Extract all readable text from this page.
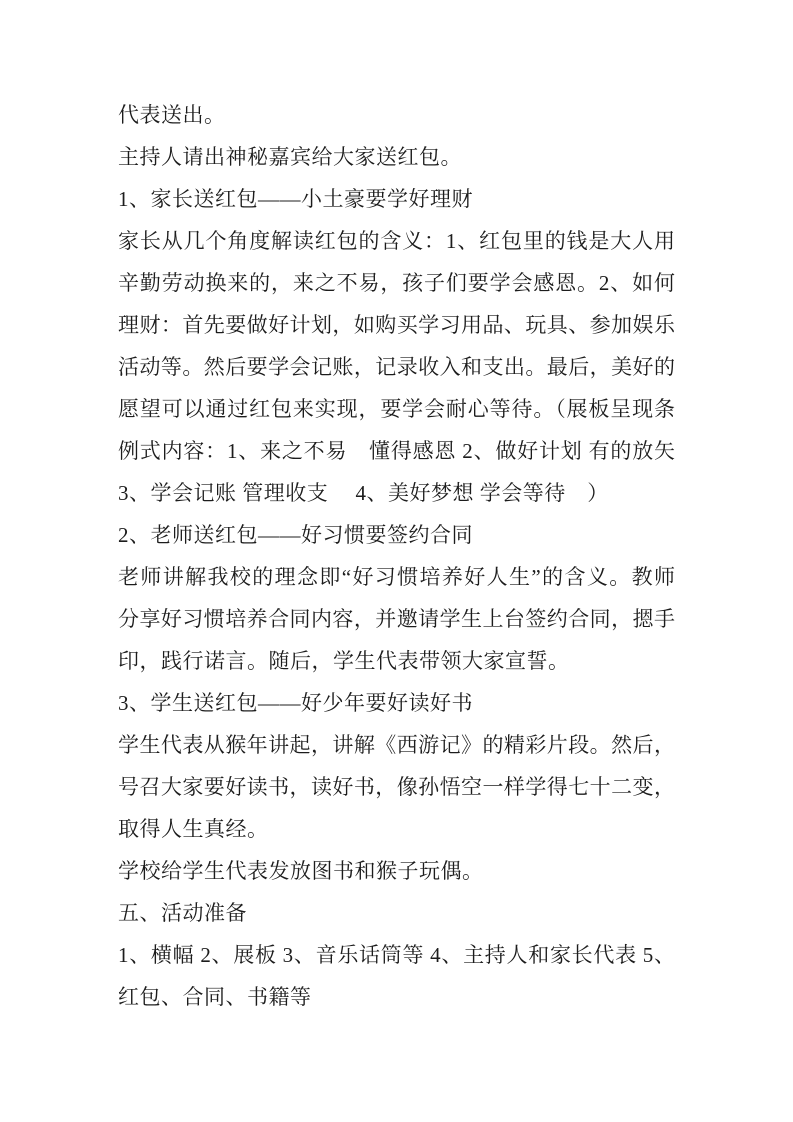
代表送出。
主持人请出神秘嘉宾给大家送红包。
1、家长送红包——小土豪要学好理财
家长从几个角度解读红包的含义：1、红包里的钱是大人用
辛勤劳动换来的，来之不易，孩子们要学会感恩。2、如何
理财：首先要做好计划，如购买学习用品、玩具、参加娱乐
活动等。然后要学会记账，记录收入和支出。最后，美好的
愿望可以通过红包来实现，要学会耐心等待。（展板呈现条
例式内容：1、来之不易　懂得感恩 2、做好计划 有的放矢
3、学会记账 管理收支　 4、美好梦想 学会等待　）
2、老师送红包——好习惯要签约合同
老师讲解我校的理念即“好习惯培养好人生”的含义。教师
分享好习惯培养合同内容，并邀请学生上台签约合同，摁手
印，践行诺言。随后，学生代表带领大家宣誓。
3、学生送红包——好少年要好读好书
学生代表从猴年讲起，讲解《西游记》的精彩片段。然后，
号召大家要好读书，读好书，像孙悟空一样学得七十二变，
取得人生真经。
学校给学生代表发放图书和猴子玩偶。
五、活动准备
1、横幅 2、展板 3、音乐话筒等 4、主持人和家长代表 5、
红包、合同、书籍等
